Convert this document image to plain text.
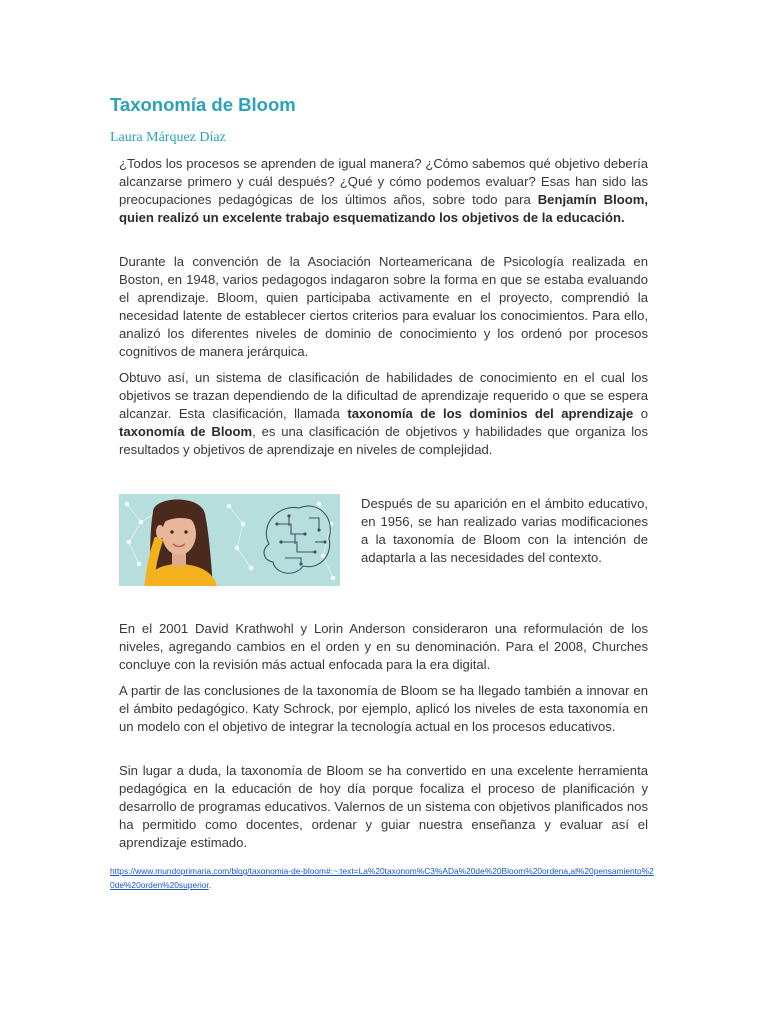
Taxonomía de Bloom
Laura Márquez Díaz

¿Todos los procesos se aprenden de igual manera? ¿Cómo sabemos qué objetivo debería alcanzarse primero y cuál después? ¿Qué y cómo podemos evaluar? Esas han sido las preocupaciones pedagógicas de los últimos años, sobre todo para Benjamín Bloom, quien realizó un excelente trabajo esquematizando los objetivos de la educación.

Durante la convención de la Asociación Norteamericana de Psicología realizada en Boston, en 1948, varios pedagogos indagaron sobre la forma en que se estaba evaluando el aprendizaje. Bloom, quien participaba activamente en el proyecto, comprendió la necesidad latente de establecer ciertos criterios para evaluar los conocimientos. Para ello, analizó los diferentes niveles de dominio de conocimiento y los ordenó por procesos cognitivos de manera jerárquica.

Obtuvo así, un sistema de clasificación de habilidades de conocimiento en el cual los objetivos se trazan dependiendo de la dificultad de aprendizaje requerido o que se espera alcanzar. Esta clasificación, llamada taxonomía de los dominios del aprendizaje o taxonomía de Bloom, es una clasificación de objetivos y habilidades que organiza los resultados y objetivos de aprendizaje en niveles de complejidad.

Después de su aparición en el ámbito educativo, en 1956, se han realizado varias modificaciones a la taxonomía de Bloom con la intención de adaptarla a las necesidades del contexto.

En el 2001 David Krathwohl y Lorin Anderson consideraron una reformulación de los niveles, agregando cambios en el orden y en su denominación. Para el 2008, Churches concluye con la revisión más actual enfocada para la era digital.

A partir de las conclusiones de la taxonomía de Bloom se ha llegado también a innovar en el ámbito pedagógico. Katy Schrock, por ejemplo, aplicó los niveles de esta taxonomía en un modelo con el objetivo de integrar la tecnología actual en los procesos educativos.

Sin lugar a duda, la taxonomía de Bloom se ha convertido en una excelente herramienta pedagógica en la educación de hoy día porque focaliza el proceso de planificación y desarrollo de programas educativos. Valernos de un sistema con objetivos planificados nos ha permitido como docentes, ordenar y guiar nuestra enseñanza y evaluar así el aprendizaje estimado.

https://www.mundoprimaria.com/blog/taxonomia-de-bloom#:~:text=La%20taxonom%C3%ADa%20de%20Bloom%20ordena,al%20pensamiento%20de%20orden%20superior.
